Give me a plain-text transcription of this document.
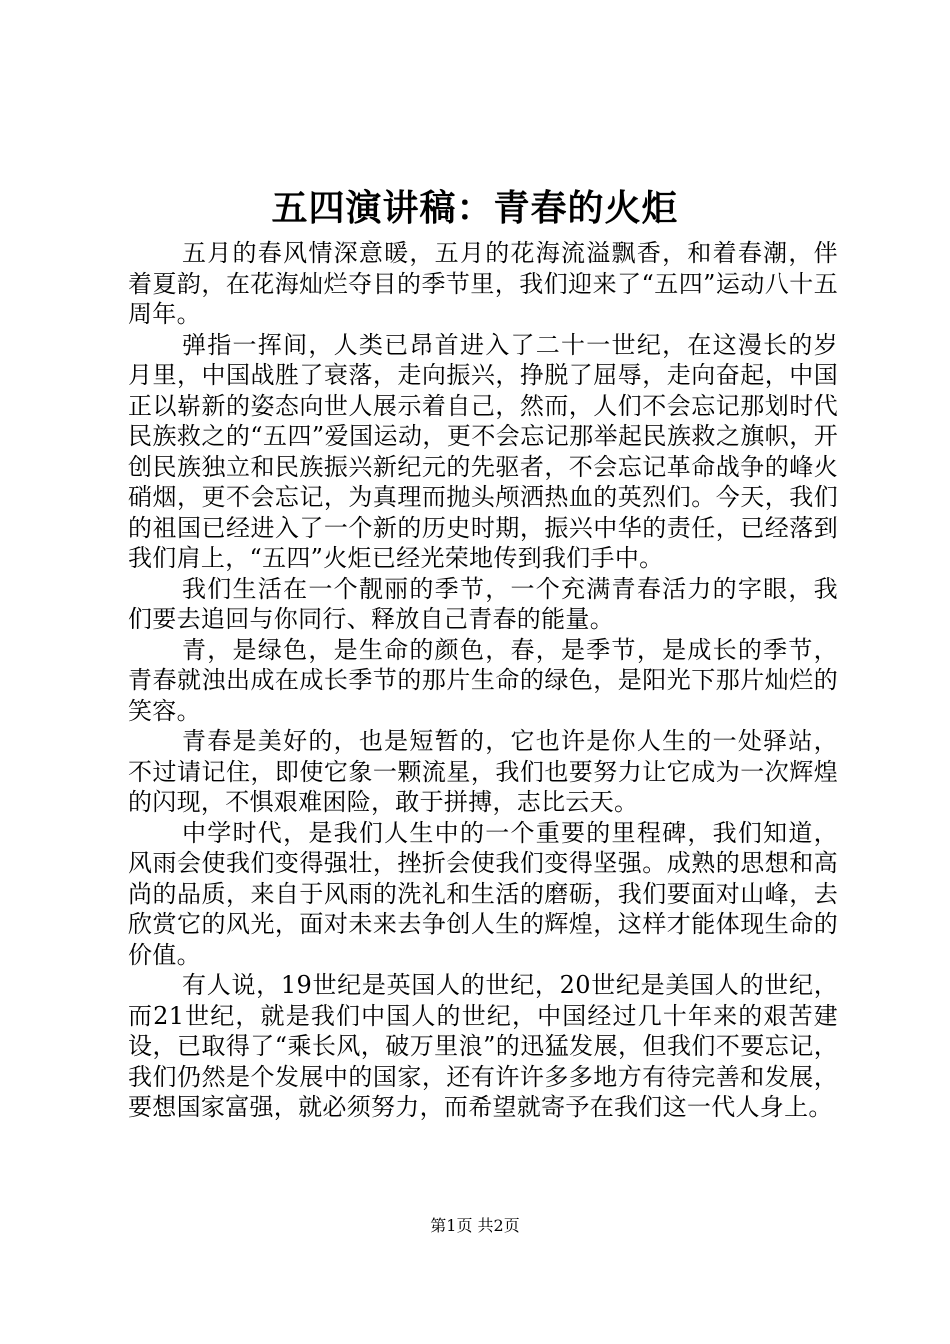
五四演讲稿：青春的火炬

五月的春风情深意暖，五月的花海流溢飘香，和着春潮，伴着夏韵，在花海灿烂夺目的季节里，我们迎来了“五四”运动八十五周年。

弹指一挥间，人类已昂首进入了二十一世纪，在这漫长的岁月里，中国战胜了衰落，走向振兴，挣脱了屈辱，走向奋起，中国正以崭新的姿态向世人展示着自己，然而，人们不会忘记那划时代民族救之的“五四”爱国运动，更不会忘记那举起民族救之旗帜，开创民族独立和民族振兴新纪元的先驱者，不会忘记革命战争的峰火硝烟，更不会忘记，为真理而抛头颅洒热血的英烈们。今天，我们的祖国已经进入了一个新的历史时期，振兴中华的责任，已经落到我们肩上，“五四”火炬已经光荣地传到我们手中。

我们生活在一个靓丽的季节，一个充满青春活力的字眼，我们要去追回与你同行、释放自己青春的能量。

青，是绿色，是生命的颜色，春，是季节，是成长的季节，青春就浊出成在成长季节的那片生命的绿色，是阳光下那片灿烂的笑容。

青春是美好的，也是短暂的，它也许是你人生的一处驿站，不过请记住，即使它象一颗流星，我们也要努力让它成为一次辉煌的闪现，不惧艰难困险，敢于拼搏，志比云天。

中学时代，是我们人生中的一个重要的里程碑，我们知道，风雨会使我们变得强壮，挫折会使我们变得坚强。成熟的思想和高尚的品质，来自于风雨的洗礼和生活的磨砺，我们要面对山峰，去欣赏它的风光，面对未来去争创人生的辉煌，这样才能体现生命的价值。

有人说，19世纪是英国人的世纪，20世纪是美国人的世纪，而21世纪，就是我们中国人的世纪，中国经过几十年来的艰苦建设，已取得了“乘长风，破万里浪”的迅猛发展，但我们不要忘记，我们仍然是个发展中的国家，还有许许多多地方有待完善和发展，要想国家富强，就必须努力，而希望就寄予在我们这一代人身上。

第1页 共2页
